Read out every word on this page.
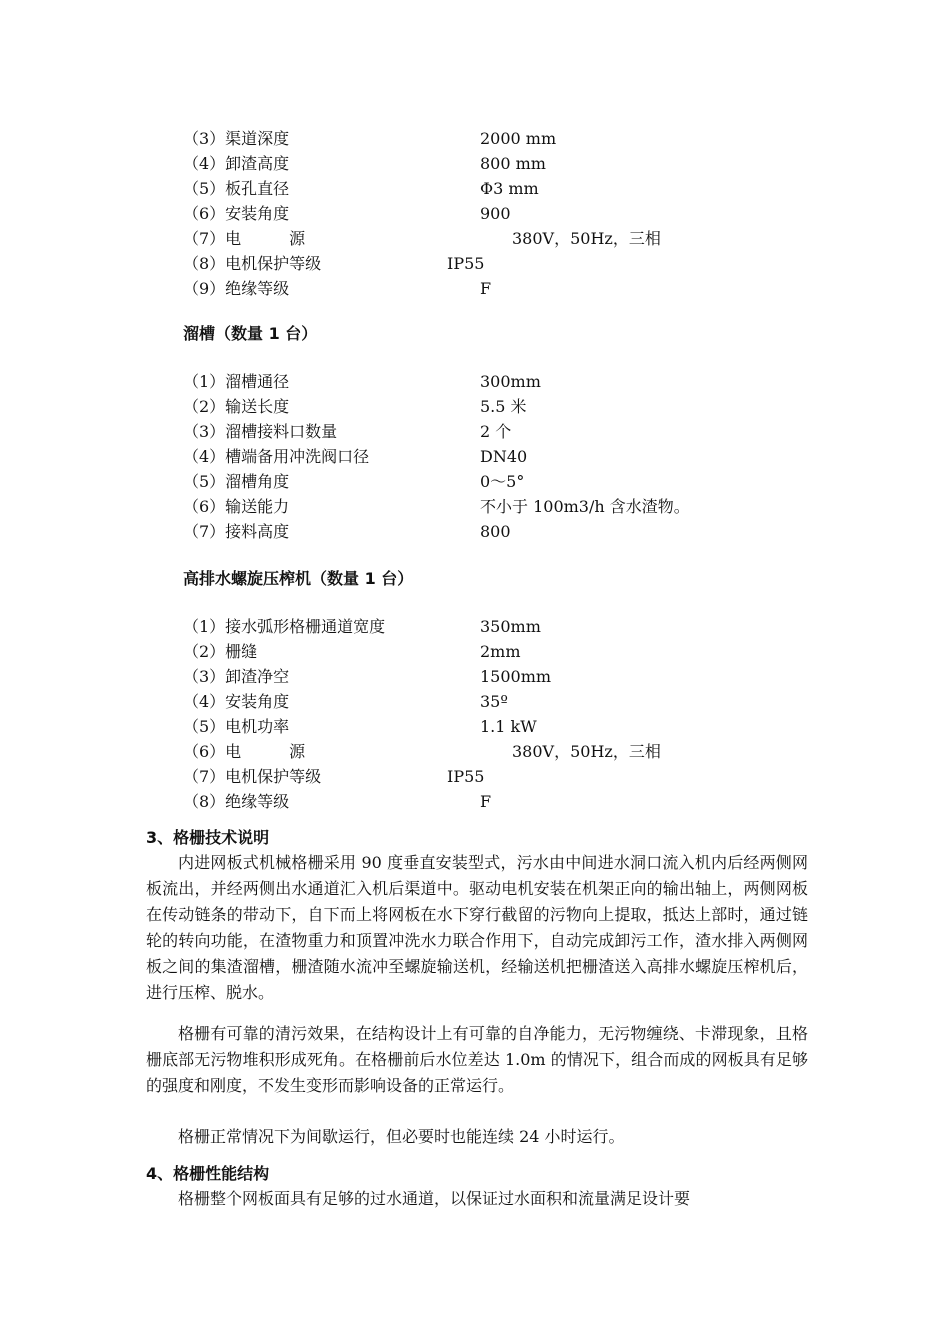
（3）渠道深度	2000 mm
（4）卸渣高度	800 mm
（5）板孔直径	Φ3 mm
（6）安装角度	900
（7）电　　　源	380V，50Hz，三相
（8）电机保护等级	IP55
（9）绝缘等级	F
溜槽（数量 1 台）
（1）溜槽通径	300mm
（2）输送长度	5.5 米
（3）溜槽接料口数量	2 个
（4）槽端备用冲洗阀口径	DN40
（5）溜槽角度	0～5°
（6）输送能力	不小于 100m3/h 含水渣物。
（7）接料高度	800
高排水螺旋压榨机（数量 1 台）
（1）接水弧形格栅通道宽度	350mm
（2）栅缝	2mm
（3）卸渣净空	1500mm
（4）安装角度	35º
（5）电机功率	1.1 kW
（6）电　　　源	380V，50Hz，三相
（7）电机保护等级	IP55
（8）绝缘等级	F
3、格栅技术说明

内进网板式机械格栅采用 90 度垂直安装型式，污水由中间进水洞口流入机内后经两侧网板流出，并经两侧出水通道汇入机后渠道中。驱动电机安装在机架正向的输出轴上，两侧网板在传动链条的带动下，自下而上将网板在水下穿行截留的污物向上提取，抵达上部时，通过链轮的转向功能，在渣物重力和顶置冲洗水力联合作用下，自动完成卸污工作，渣水排入两侧网板之间的集渣溜槽，栅渣随水流冲至螺旋输送机，经输送机把栅渣送入高排水螺旋压榨机后，进行压榨、脱水。

格栅有可靠的清污效果，在结构设计上有可靠的自净能力，无污物缠绕、卡滞现象，且格栅底部无污物堆积形成死角。在格栅前后水位差达 1.0m 的情况下，组合而成的网板具有足够的强度和刚度，不发生变形而影响设备的正常运行。

格栅正常情况下为间歇运行，但必要时也能连续 24 小时运行。

4、格栅性能结构

格栅整个网板面具有足够的过水通道，以保证过水面积和流量满足设计要
